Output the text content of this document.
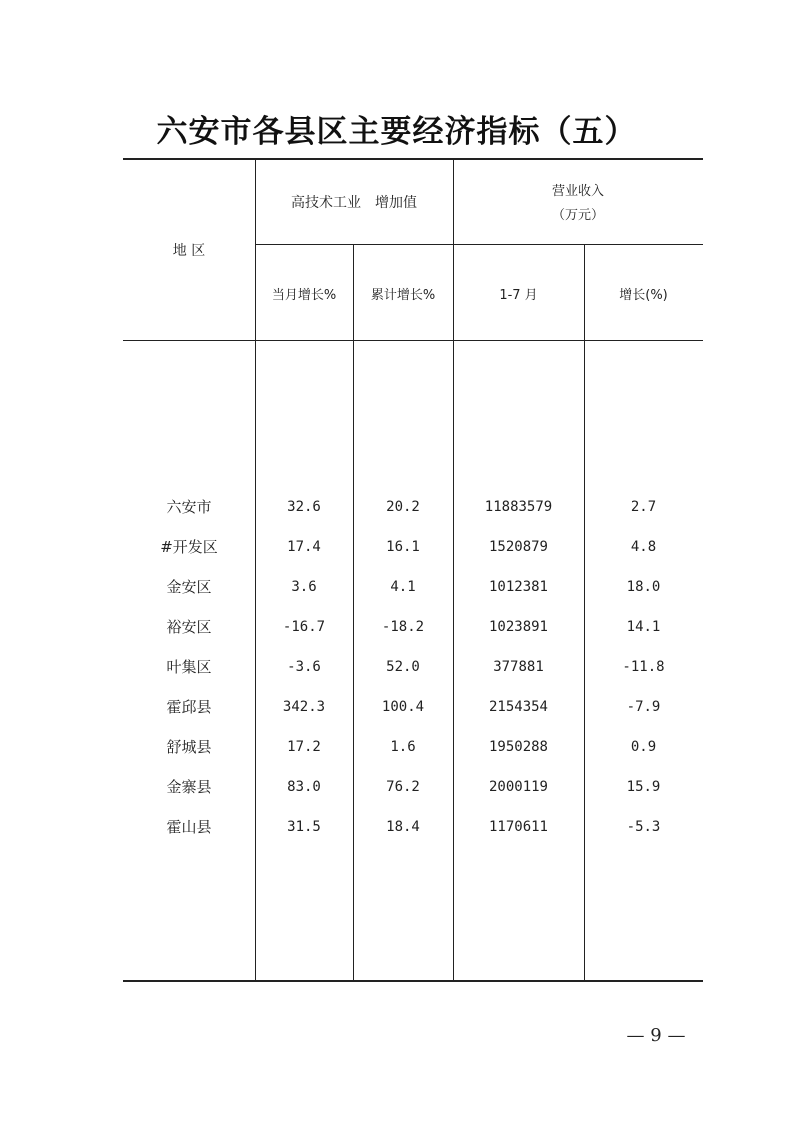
六安市各县区主要经济指标（五）
地 区
高技术工业　增加值
营业收入
（万元）
当月增长%	累计增长%	1-7 月	增长(%)
六安市	32.6	20.2	11883579	2.7
#开发区	17.4	16.1	1520879	4.8
金安区	3.6	4.1	1012381	18.0
裕安区	-16.7	-18.2	1023891	14.1
叶集区	-3.6	52.0	377881	-11.8
霍邱县	342.3	100.4	2154354	-7.9
舒城县	17.2	1.6	1950288	0.9
金寨县	83.0	76.2	2000119	15.9
霍山县	31.5	18.4	1170611	-5.3
— 9 —
